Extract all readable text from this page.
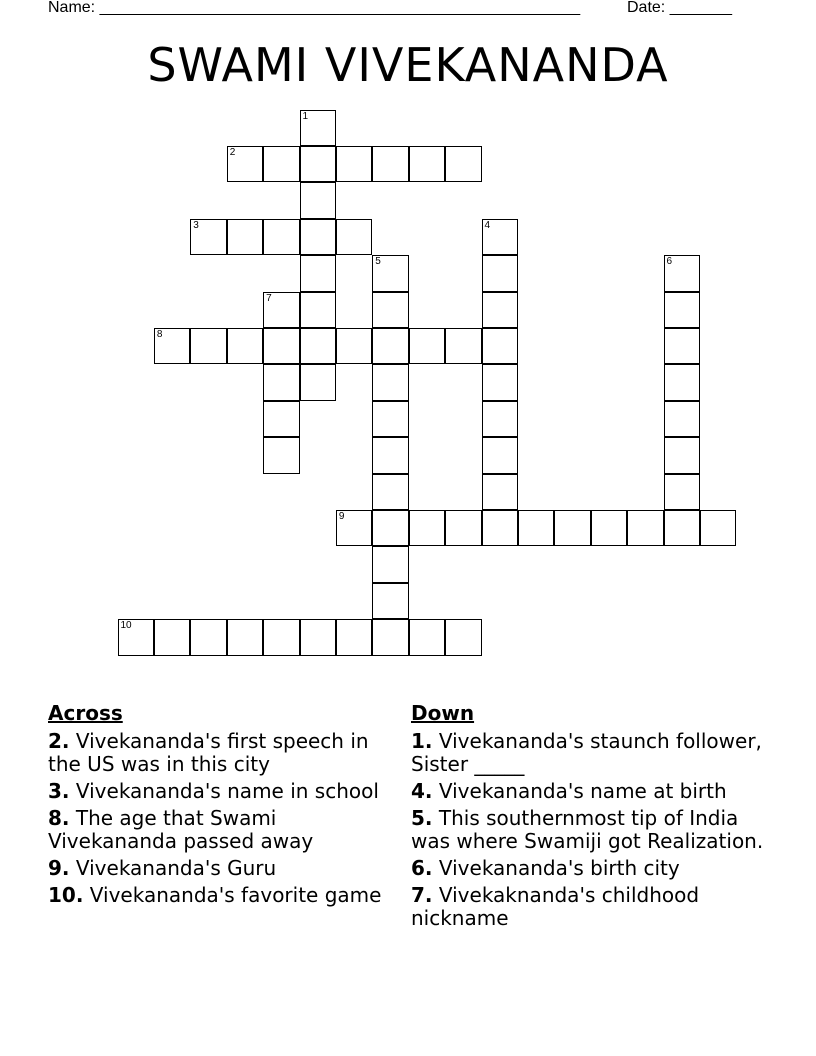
Name: ______________________________________________________	Date: _______
SWAMI VIVEKANANDA
1
2
3	4
5	6
7
8
9
10
Across
2. Vivekananda's first speech in the US was in this city
3. Vivekananda's name in school
8. The age that Swami Vivekananda passed away
9. Vivekananda's Guru
10. Vivekananda's favorite game
Down
1. Vivekananda's staunch follower, Sister _____
4. Vivekananda's name at birth
5. This southernmost tip of India was where Swamiji got Realization.
6. Vivekananda's birth city
7. Vivekaknanda's childhood nickname
